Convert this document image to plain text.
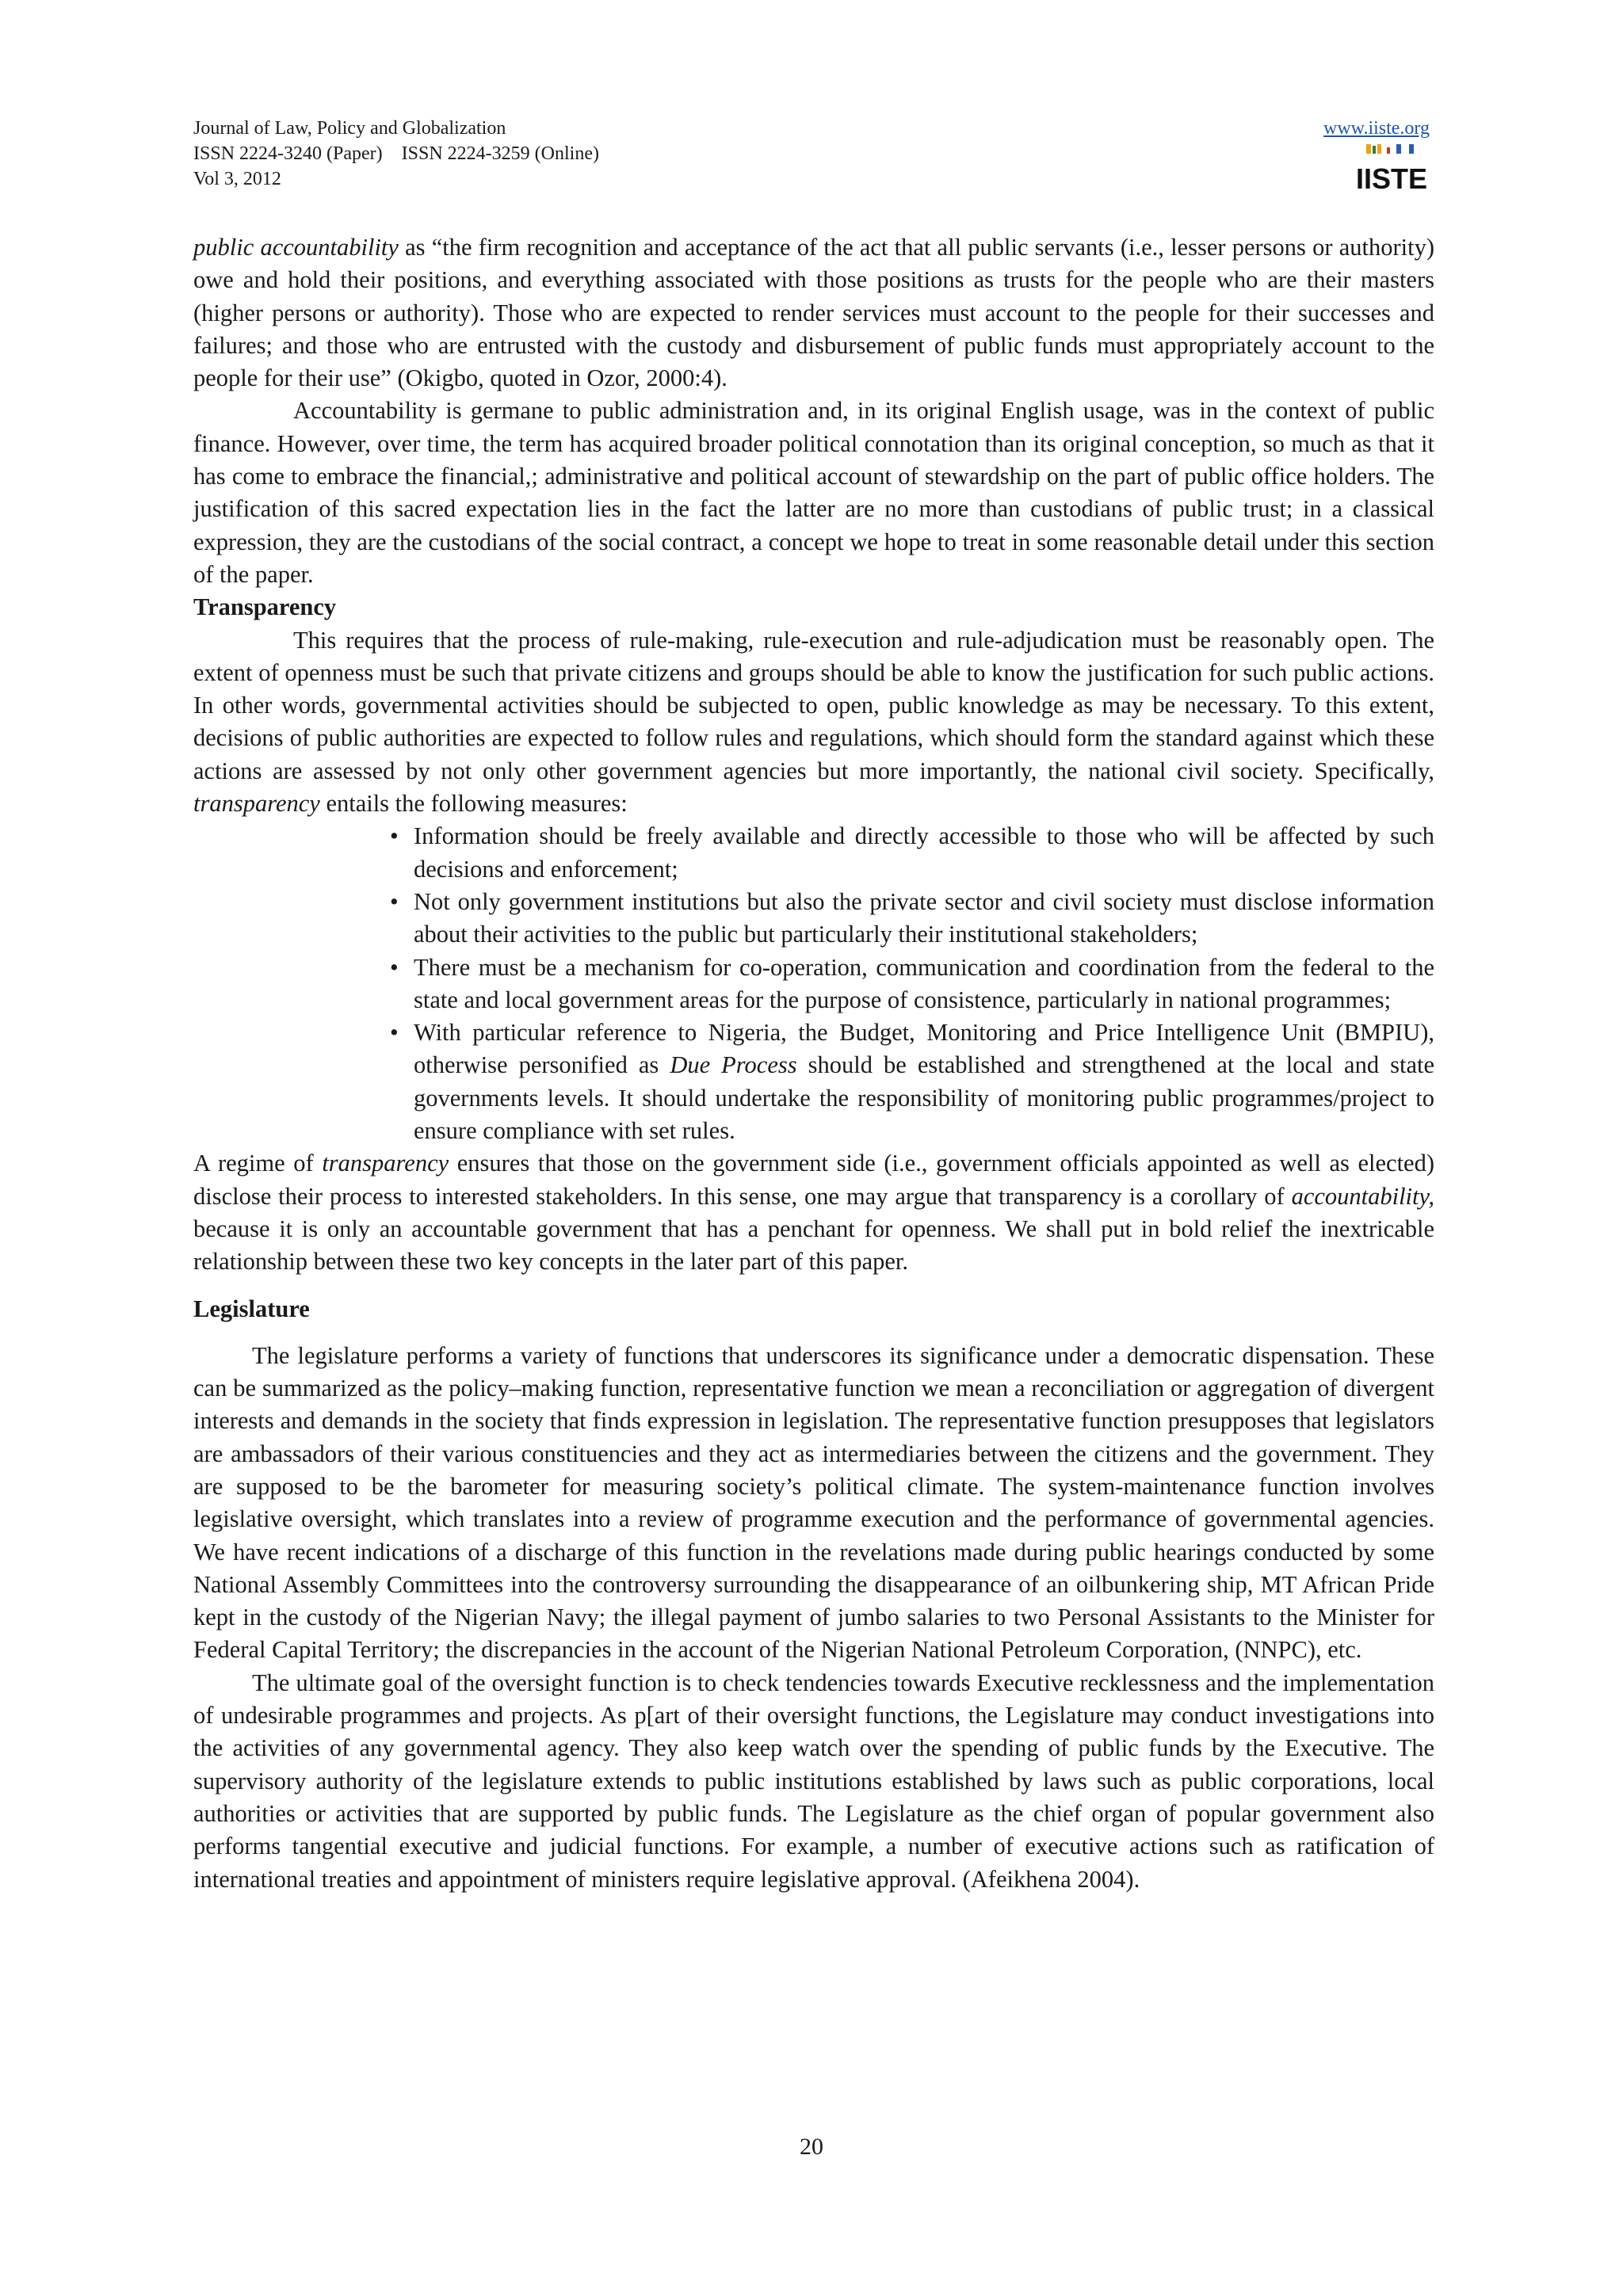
Journal of Law, Policy and Globalization
ISSN 2224-3240 (Paper)    ISSN 2224-3259 (Online)
Vol 3, 2012
www.iiste.org
IISTE

public accountability as “the firm recognition and acceptance of the act that all public servants (i.e., lesser persons or authority) owe and hold their positions, and everything associated with those positions as trusts for the people who are their masters (higher persons or authority). Those who are expected to render services must account to the people for their successes and failures; and those who are entrusted with the custody and disbursement of public funds must appropriately account to the people for their use” (Okigbo, quoted in Ozor, 2000:4).

Accountability is germane to public administration and, in its original English usage, was in the context of public finance. However, over time, the term has acquired broader political connotation than its original conception, so much as that it has come to embrace the financial,; administrative and political account of stewardship on the part of public office holders. The justification of this sacred expectation lies in the fact the latter are no more than custodians of public trust; in a classical expression, they are the custodians of the social contract, a concept we hope to treat in some reasonable detail under this section of the paper.

Transparency

This requires that the process of rule-making, rule-execution and rule-adjudication must be reasonably open. The extent of openness must be such that private citizens and groups should be able to know the justification for such public actions. In other words, governmental activities should be subjected to open, public knowledge as may be necessary. To this extent, decisions of public authorities are expected to follow rules and regulations, which should form the standard against which these actions are assessed by not only other government agencies but more importantly, the national civil society. Specifically, transparency entails the following measures:

• Information should be freely available and directly accessible to those who will be affected by such decisions and enforcement;
• Not only government institutions but also the private sector and civil society must disclose information about their activities to the public but particularly their institutional stakeholders;
• There must be a mechanism for co-operation, communication and coordination from the federal to the state and local government areas for the purpose of consistence, particularly in national programmes;
• With particular reference to Nigeria, the Budget, Monitoring and Price Intelligence Unit (BMPIU), otherwise personified as Due Process should be established and strengthened at the local and state governments levels. It should undertake the responsibility of monitoring public programmes/project to ensure compliance with set rules.

A regime of transparency ensures that those on the government side (i.e., government officials appointed as well as elected) disclose their process to interested stakeholders. In this sense, one may argue that transparency is a corollary of accountability, because it is only an accountable government that has a penchant for openness. We shall put in bold relief the inextricable relationship between these two key concepts in the later part of this paper.

Legislature

The legislature performs a variety of functions that underscores its significance under a democratic dispensation. These can be summarized as the policy–making function, representative function we mean a reconciliation or aggregation of divergent interests and demands in the society that finds expression in legislation. The representative function presupposes that legislators are ambassadors of their various constituencies and they act as intermediaries between the citizens and the government. They are supposed to be the barometer for measuring society’s political climate. The system-maintenance function involves legislative oversight, which translates into a review of programme execution and the performance of governmental agencies. We have recent indications of a discharge of this function in the revelations made during public hearings conducted by some National Assembly Committees into the controversy surrounding the disappearance of an oilbunkering ship, MT African Pride kept in the custody of the Nigerian Navy; the illegal payment of jumbo salaries to two Personal Assistants to the Minister for Federal Capital Territory; the discrepancies in the account of the Nigerian National Petroleum Corporation, (NNPC), etc.

The ultimate goal of the oversight function is to check tendencies towards Executive recklessness and the implementation of undesirable programmes and projects. As p[art of their oversight functions, the Legislature may conduct investigations into the activities of any governmental agency. They also keep watch over the spending of public funds by the Executive. The supervisory authority of the legislature extends to public institutions established by laws such as public corporations, local authorities or activities that are supported by public funds. The Legislature as the chief organ of popular government also performs tangential executive and judicial functions. For example, a number of executive actions such as ratification of international treaties and appointment of ministers require legislative approval. (Afeikhena 2004).

20
